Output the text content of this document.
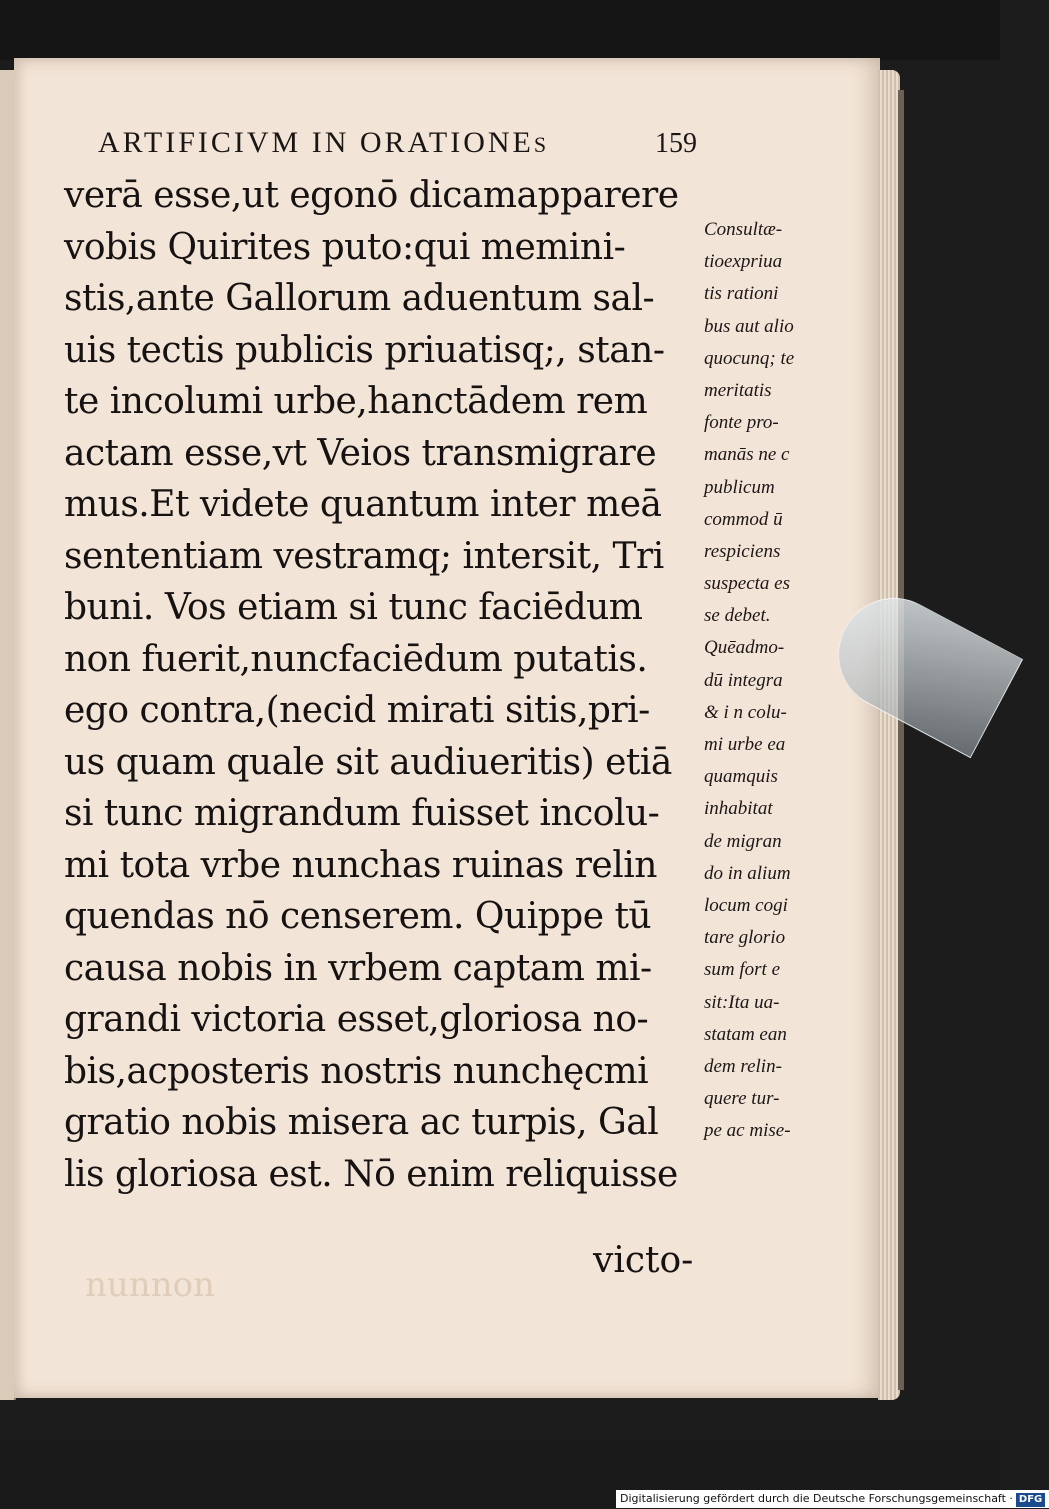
ARTIFICIVM IN ORATIONES	159
verā esse,ut egonō dicamapparere
vobis Quirites puto:qui memini-
stis,ante Gallorum aduentum sal-
uis tectis publicis priuatisq;, stan-
te incolumi urbe,hanctādem rem
actam esse,vt Veios transmigrare
mus.Et videte quantum inter meā
sententiam vestramq; intersit, Tri
buni. Vos etiam si tunc faciēdum
non fuerit,nuncfaciēdum putatis.
ego contra,(necid mirati sitis,pri-
us quam quale sit audiueritis) etiā
si tunc migrandum fuisset incolu-
mi tota vrbe nunchas ruinas relin
quendas nō censerem. Quippe tū
causa nobis in vrbem captam mi-
grandi victoria esset,gloriosa no-
bis,acposteris nostris nunchęcmi
gratio nobis misera ac turpis, Gal
lis gloriosa est. Nō enim reliquisse
victo-
nunnon
Consultæ-
tioexpriua
tis rationi
bus aut alio
quocunq; te
meritatis
fonte pro-
manās ne c
publicum
commod ū
respiciens
suspecta es
se debet.
Quēadmo-
dū integra
& i n colu-
mi urbe ea
quamquis
inhabitat
de migran
do in alium
locum cogi
tare glorio
sum fort e
sit:Ita ua-
statam ean
dem relin-
quere tur-
pe ac mise-
Digitalisierung gefördert durch die Deutsche Forschungsgemeinschaft · DFG
